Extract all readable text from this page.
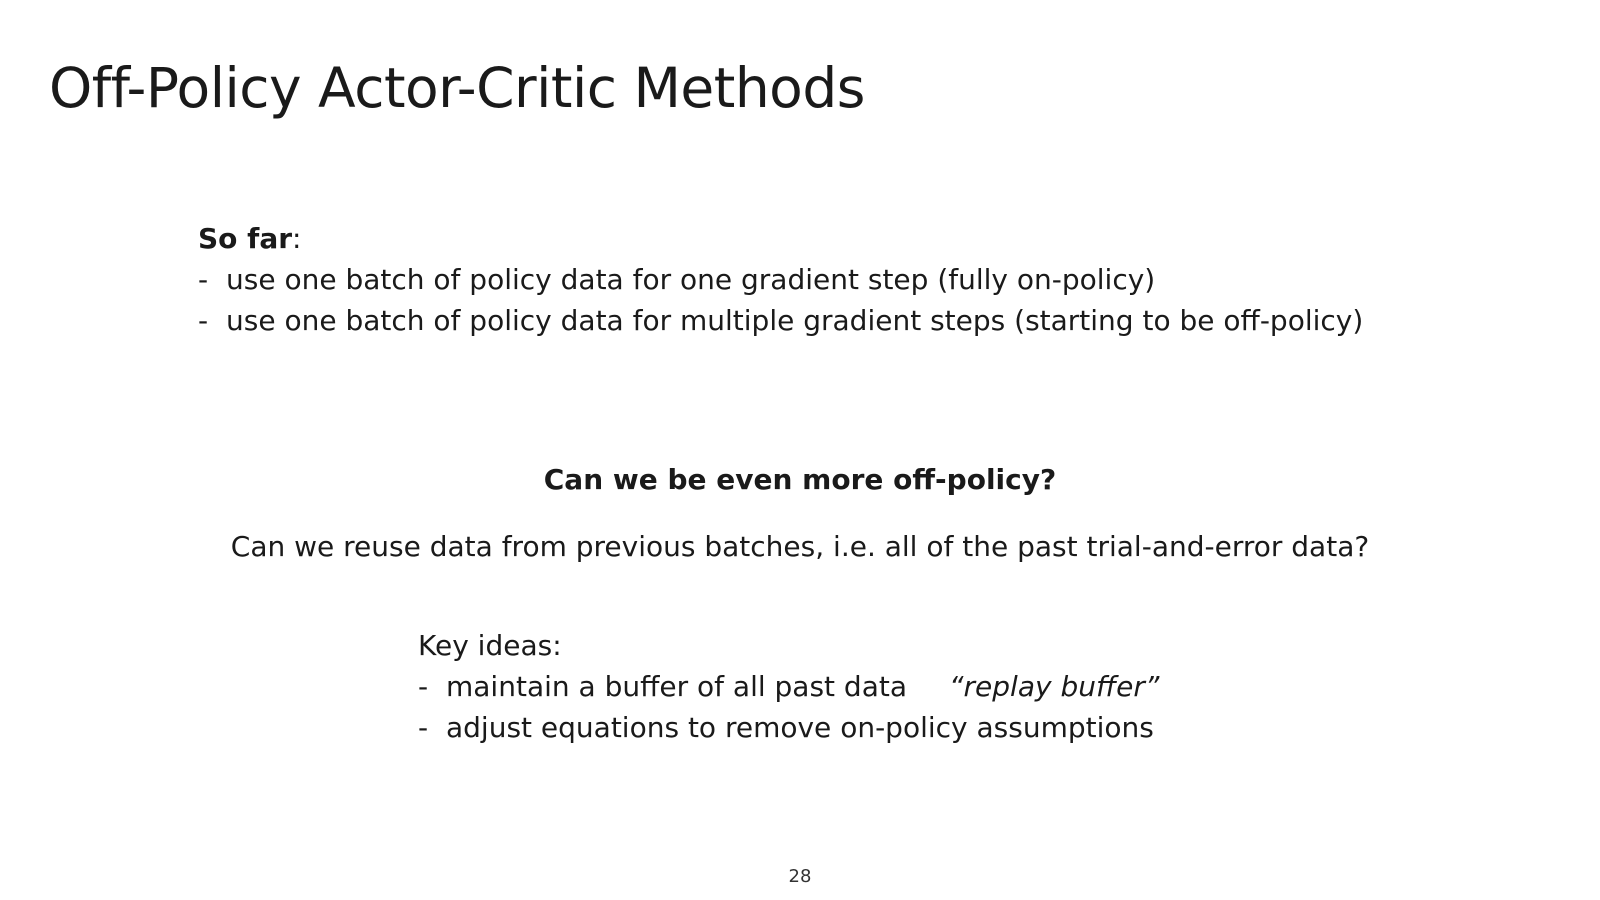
Off-Policy Actor-Critic Methods
So far:
- use one batch of policy data for one gradient step (fully on-policy)
- use one batch of policy data for multiple gradient steps (starting to be off-policy)
Can we be even more off-policy?
Can we reuse data from previous batches, i.e. all of the past trial-and-error data?
Key ideas:
- maintain a buffer of all past data “replay buffer”
- adjust equations to remove on-policy assumptions
28
